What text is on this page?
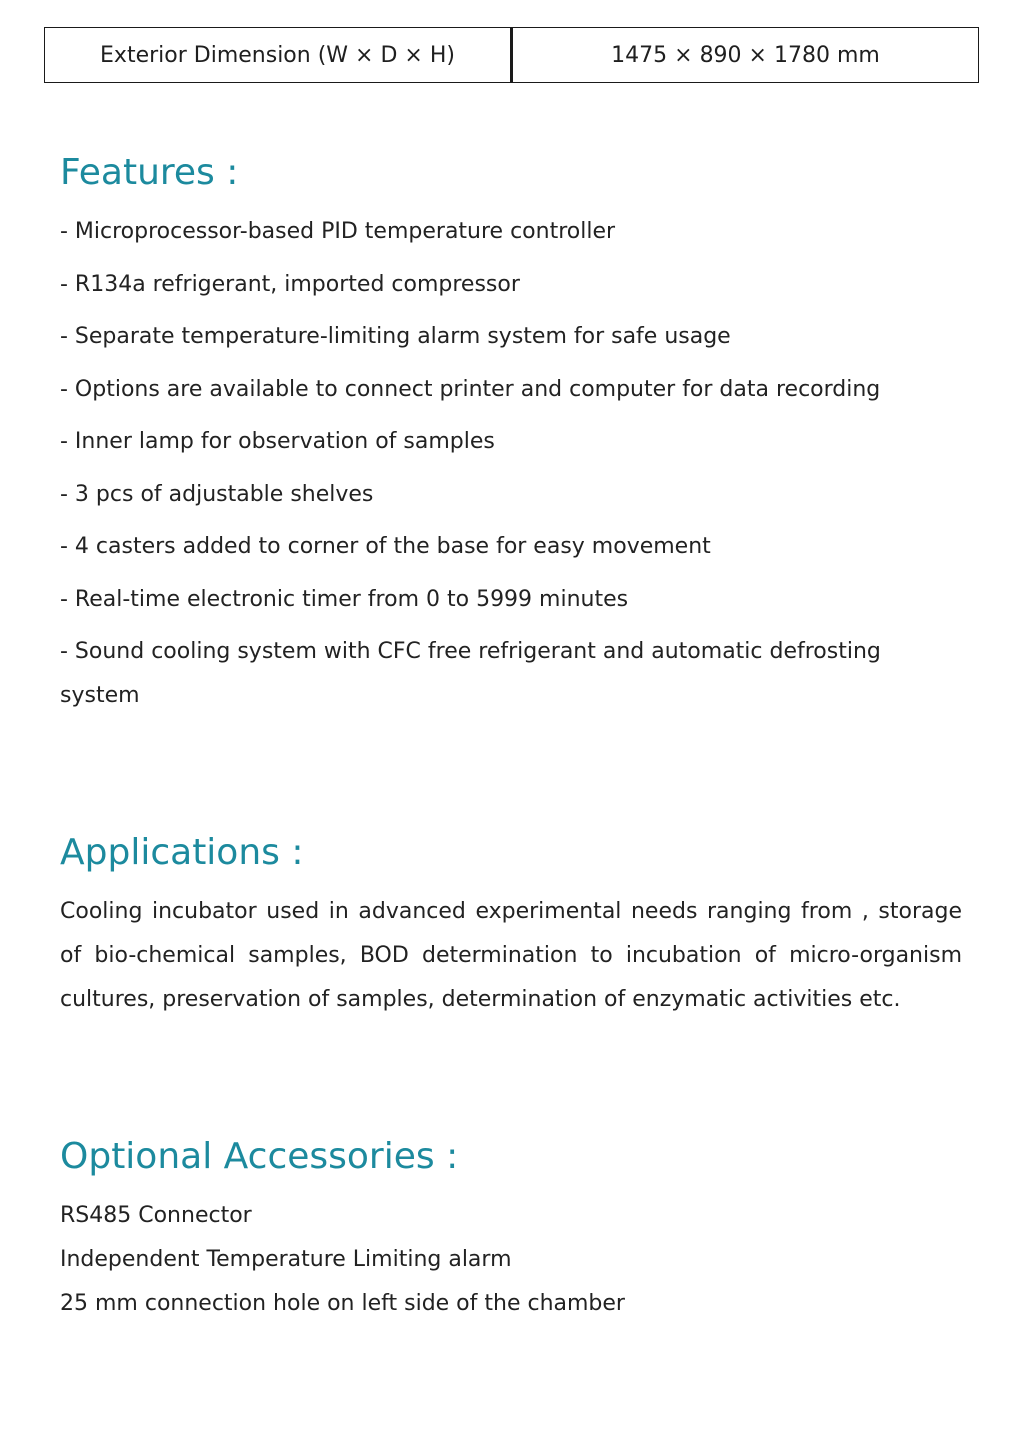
Exterior Dimension (W × D × H)	1475 × 890 × 1780 mm
Features :
- Microprocessor-based PID temperature controller
- R134a refrigerant, imported compressor
- Separate temperature-limiting alarm system for safe usage
- Options are available to connect printer and computer for data recording
- Inner lamp for observation of samples
- 3 pcs of adjustable shelves
- 4 casters added to corner of the base for easy movement
- Real-time electronic timer from 0 to 5999 minutes
- Sound cooling system with CFC free refrigerant and automatic defrosting system
Applications :

Cooling incubator used in advanced experimental needs ranging from , storage of bio-chemical samples, BOD determination to incubation of micro-organism cultures, preservation of samples, determination of enzymatic activities etc.

Optional Accessories :
RS485 Connector
Independent Temperature Limiting alarm
25 mm connection hole on left side of the chamber
